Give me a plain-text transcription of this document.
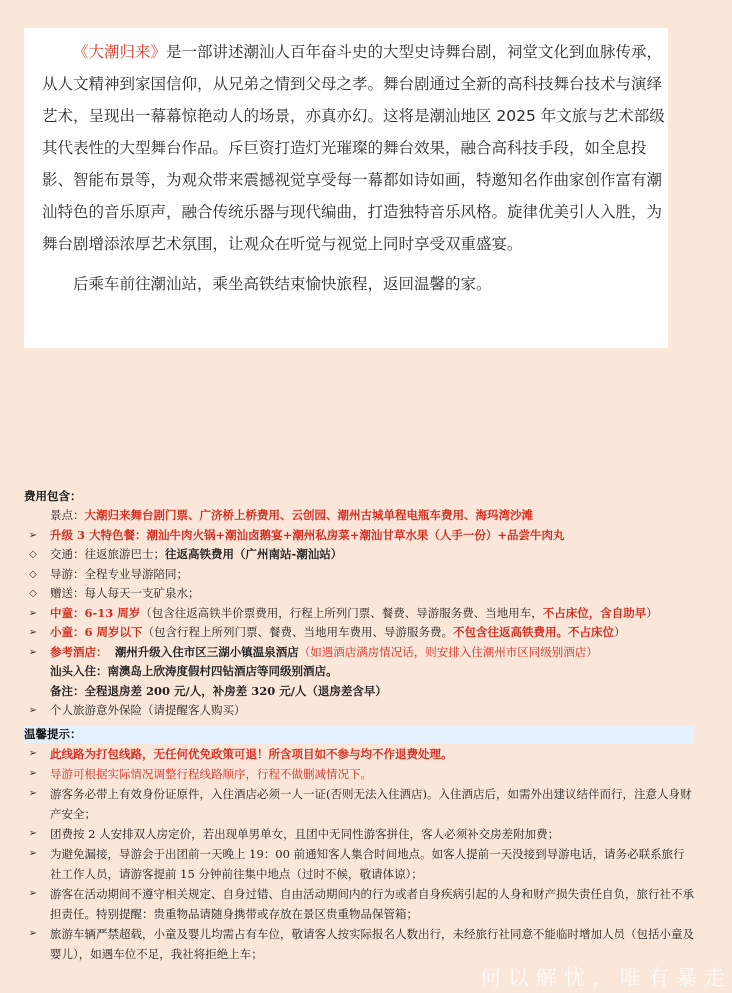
《大潮归来》是一部讲述潮汕人百年奋斗史的大型史诗舞台剧，祠堂文化到血脉传承，从人文精神到家国信仰，从兄弟之情到父母之孝。舞台剧通过全新的高科技舞台技术与演绎艺术，呈现出一幕幕惊艳动人的场景，亦真亦幻。这将是潮汕地区 2025 年文旅与艺术部级其代表性的大型舞台作品。斥巨资打造灯光璀璨的舞台效果，融合高科技手段，如全息投影、智能布景等，为观众带来震撼视觉享受每一幕都如诗如画，特邀知名作曲家创作富有潮汕特色的音乐原声，融合传统乐器与现代编曲，打造独特音乐风格。旋律优美引人入胜，为舞台剧增添浓厚艺术氛围，让观众在听觉与视觉上同时享受双重盛宴。

后乘车前往潮汕站，乘坐高铁结束愉快旅程，返回温馨的家。

费用包含：
景点：大潮归来舞台剧门票、广济桥上桥费用、云创园、潮州古城单程电瓶车费用、海玛湾沙滩
➢ 升级 3 大特色餐：潮汕牛肉火锅+潮汕卤鹅宴+潮州私房菜+潮汕甘草水果（人手一份）+品尝牛肉丸
◇ 交通：往返旅游巴士；往返高铁费用（广州南站-潮汕站）
◇ 导游：全程专业导游陪同；
◇ 赠送：每人每天一支矿泉水；
➢ 中童：6-13 周岁（包含往返高铁半价票费用，行程上所列门票、餐费、导游服务费、当地用车，不占床位，含自助早）
➢ 小童：6 周岁以下（包含行程上所列门票、餐费、当地用车费用、导游服务费。不包含往返高铁费用。不占床位）
➢ 参考酒店： 潮州升级入住市区三湖小镇温泉酒店（如遇酒店满房情况话，则安排入住潮州市区同级别酒店）
汕头入住：南澳岛上欣涛度假村四钻酒店等同级别酒店。
备注：全程退房差 200 元/人，补房差 320 元/人（退房差含早）
➢ 个人旅游意外保险（请提醒客人购买）
温馨提示：
➢ 此线路为打包线路，无任何优免政策可退！所含项目如不参与均不作退费处理。
➢ 导游可根据实际情况调整行程线路顺序，行程不做删减情况下。
➢ 游客务必带上有效身份证原件，入住酒店必须一人一证(否则无法入住酒店)。入住酒店后，如需外出建议结伴而行，注意人身财产安全；
➢ 团费按 2 人安排双人房定价，若出现单男单女，且团中无同性游客拼住，客人必须补交房差附加费；
➢ 为避免漏接，导游会于出团前一天晚上 19：00 前通知客人集合时间地点。如客人提前一天没接到导游电话，请务必联系旅行社工作人员，请游客提前 15 分钟前往集中地点（过时不候，敬请体谅）；
➢ 游客在活动期间不遵守相关规定、自身过错、自由活动期间内的行为或者自身疾病引起的人身和财产损失责任自负，旅行社不承担责任。特别提醒：贵重物品请随身携带或存放在景区贵重物品保管箱；
➢ 旅游车辆严禁超载，小童及婴儿均需占有车位，敬请客人按实际报名人数出行，未经旅行社同意不能临时增加人员（包括小童及婴儿），如遇车位不足，我社将拒绝上车；
何以解忧，唯有暴走
